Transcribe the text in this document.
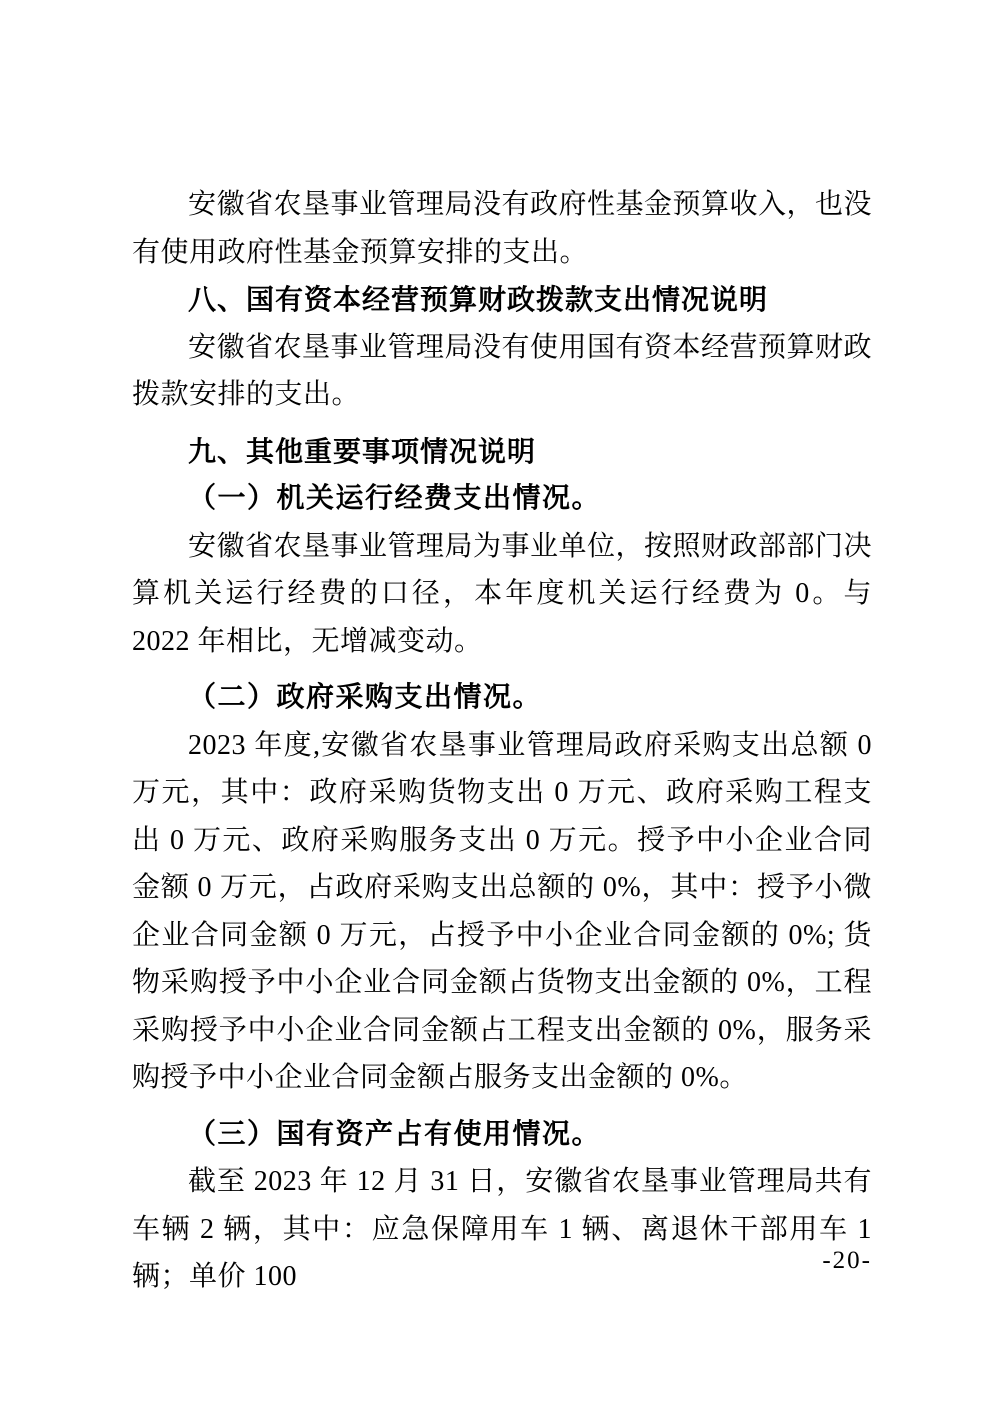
安徽省农垦事业管理局没有政府性基金预算收入，也没有使用政府性基金预算安排的支出。

八、国有资本经营预算财政拨款支出情况说明

安徽省农垦事业管理局没有使用国有资本经营预算财政拨款安排的支出。

九、其他重要事项情况说明

（一）机关运行经费支出情况。

安徽省农垦事业管理局为事业单位，按照财政部部门决算机关运行经费的口径，本年度机关运行经费为 0。与 2022 年相比，无增减变动。

（二）政府采购支出情况。

2023 年度,安徽省农垦事业管理局政府采购支出总额 0 万元，其中：政府采购货物支出 0 万元、政府采购工程支出 0 万元、政府采购服务支出 0 万元。授予中小企业合同金额 0 万元，占政府采购支出总额的 0%，其中：授予小微企业合同金额 0 万元，占授予中小企业合同金额的 0%; 货物采购授予中小企业合同金额占货物支出金额的 0%，工程采购授予中小企业合同金额占工程支出金额的 0%，服务采购授予中小企业合同金额占服务支出金额的 0%。

（三）国有资产占有使用情况。

截至 2023 年 12 月 31 日，安徽省农垦事业管理局共有车辆 2 辆，其中：应急保障用车 1 辆、离退休干部用车 1 辆；单价 100

-20-
